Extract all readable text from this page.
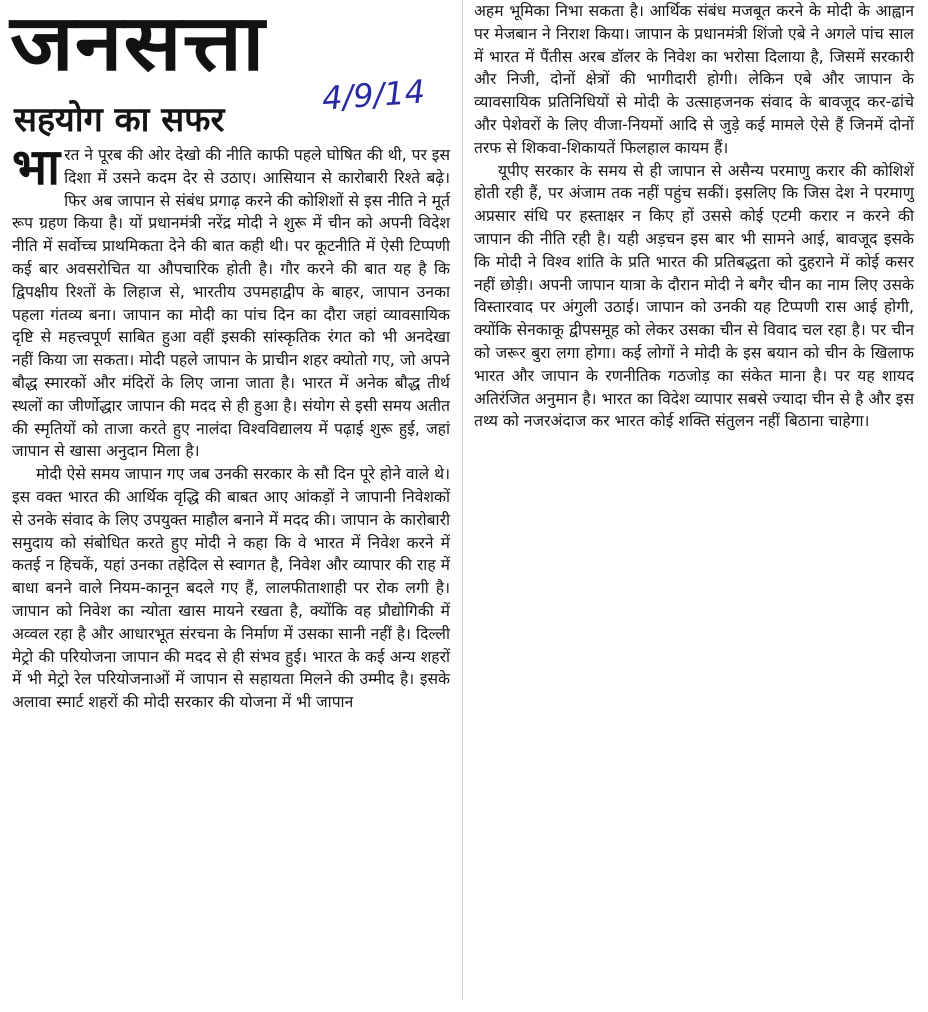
जनसत्ता
4/9/14
सहयोग का सफर

भारत ने पूरब की ओर देखो की नीति काफी पहले घोषित की थी, पर इस दिशा में उसने कदम देर से उठाए। आसियान से कारोबारी रिश्ते बढ़े। फिर अब जापान से संबंध प्रगाढ़ करने की कोशिशों से इस नीति ने मूर्त रूप ग्रहण किया है। यों प्रधानमंत्री नरेंद्र मोदी ने शुरू में चीन को अपनी विदेश नीति में सर्वोच्च प्राथमिकता देने की बात कही थी। पर कूटनीति में ऐसी टिप्पणी कई बार अवसरोचित या औपचारिक होती है। गौर करने की बात यह है कि द्विपक्षीय रिश्तों के लिहाज से, भारतीय उपमहाद्वीप के बाहर, जापान उनका पहला गंतव्य बना। जापान का मोदी का पांच दिन का दौरा जहां व्यावसायिक दृष्टि से महत्त्वपूर्ण साबित हुआ वहीं इसकी सांस्कृतिक रंगत को भी अनदेखा नहीं किया जा सकता। मोदी पहले जापान के प्राचीन शहर क्योतो गए, जो अपने बौद्ध स्मारकों और मंदिरों के लिए जाना जाता है। भारत में अनेक बौद्ध तीर्थ स्थलों का जीर्णोद्धार जापान की मदद से ही हुआ है। संयोग से इसी समय अतीत की स्मृतियों को ताजा करते हुए नालंदा विश्वविद्यालय में पढ़ाई शुरू हुई, जहां जापान से खासा अनुदान मिला है।

मोदी ऐसे समय जापान गए जब उनकी सरकार के सौ दिन पूरे होने वाले थे। इस वक्त भारत की आर्थिक वृद्धि की बाबत आए आंकड़ों ने जापानी निवेशकों से उनके संवाद के लिए उपयुक्त माहौल बनाने में मदद की। जापान के कारोबारी समुदाय को संबोधित करते हुए मोदी ने कहा कि वे भारत में निवेश करने में कतई न हिचकें, यहां उनका तहेदिल से स्वागत है, निवेश और व्यापार की राह में बाधा बनने वाले नियम-कानून बदले गए हैं, लालफीताशाही पर रोक लगी है। जापान को निवेश का न्योता खास मायने रखता है, क्योंकि वह प्रौद्योगिकी में अव्वल रहा है और आधारभूत संरचना के निर्माण में उसका सानी नहीं है। दिल्ली मेट्रो की परियोजना जापान की मदद से ही संभव हुई। भारत के कई अन्य शहरों में भी मेट्रो रेल परियोजनाओं में जापान से सहायता मिलने की उम्मीद है। इसके अलावा स्मार्ट शहरों की मोदी सरकार की योजना में भी जापान

अहम भूमिका निभा सकता है। आर्थिक संबंध मजबूत करने के मोदी के आह्वान पर मेजबान ने निराश किया। जापान के प्रधानमंत्री शिंजो एबे ने अगले पांच साल में भारत में पैंतीस अरब डॉलर के निवेश का भरोसा दिलाया है, जिसमें सरकारी और निजी, दोनों क्षेत्रों की भागीदारी होगी। लेकिन एबे और जापान के व्यावसायिक प्रतिनिधियों से मोदी के उत्साहजनक संवाद के बावजूद कर-ढांचे और पेशेवरों के लिए वीजा-नियमों आदि से जुड़े कई मामले ऐसे हैं जिनमें दोनों तरफ से शिकवा-शिकायतें फिलहाल कायम हैं।

यूपीए सरकार के समय से ही जापान से असैन्य परमाणु करार की कोशिशें होती रही हैं, पर अंजाम तक नहीं पहुंच सकीं। इसलिए कि जिस देश ने परमाणु अप्रसार संधि पर हस्ताक्षर न किए हों उससे कोई एटमी करार न करने की जापान की नीति रही है। यही अड़चन इस बार भी सामने आई, बावजूद इसके कि मोदी ने विश्व शांति के प्रति भारत की प्रतिबद्धता को दुहराने में कोई कसर नहीं छोड़ी। अपनी जापान यात्रा के दौरान मोदी ने बगैर चीन का नाम लिए उसके विस्तारवाद पर अंगुली उठाई। जापान को उनकी यह टिप्पणी रास आई होगी, क्योंकि सेनकाकू द्वीपसमूह को लेकर उसका चीन से विवाद चल रहा है। पर चीन को जरूर बुरा लगा होगा। कई लोगों ने मोदी के इस बयान को चीन के खिलाफ भारत और जापान के रणनीतिक गठजोड़ का संकेत माना है। पर यह शायद अतिरंजित अनुमान है। भारत का विदेश व्यापार सबसे ज्यादा चीन से है और इस तथ्य को नजरअंदाज कर भारत कोई शक्ति संतुलन नहीं बिठाना चाहेगा।
